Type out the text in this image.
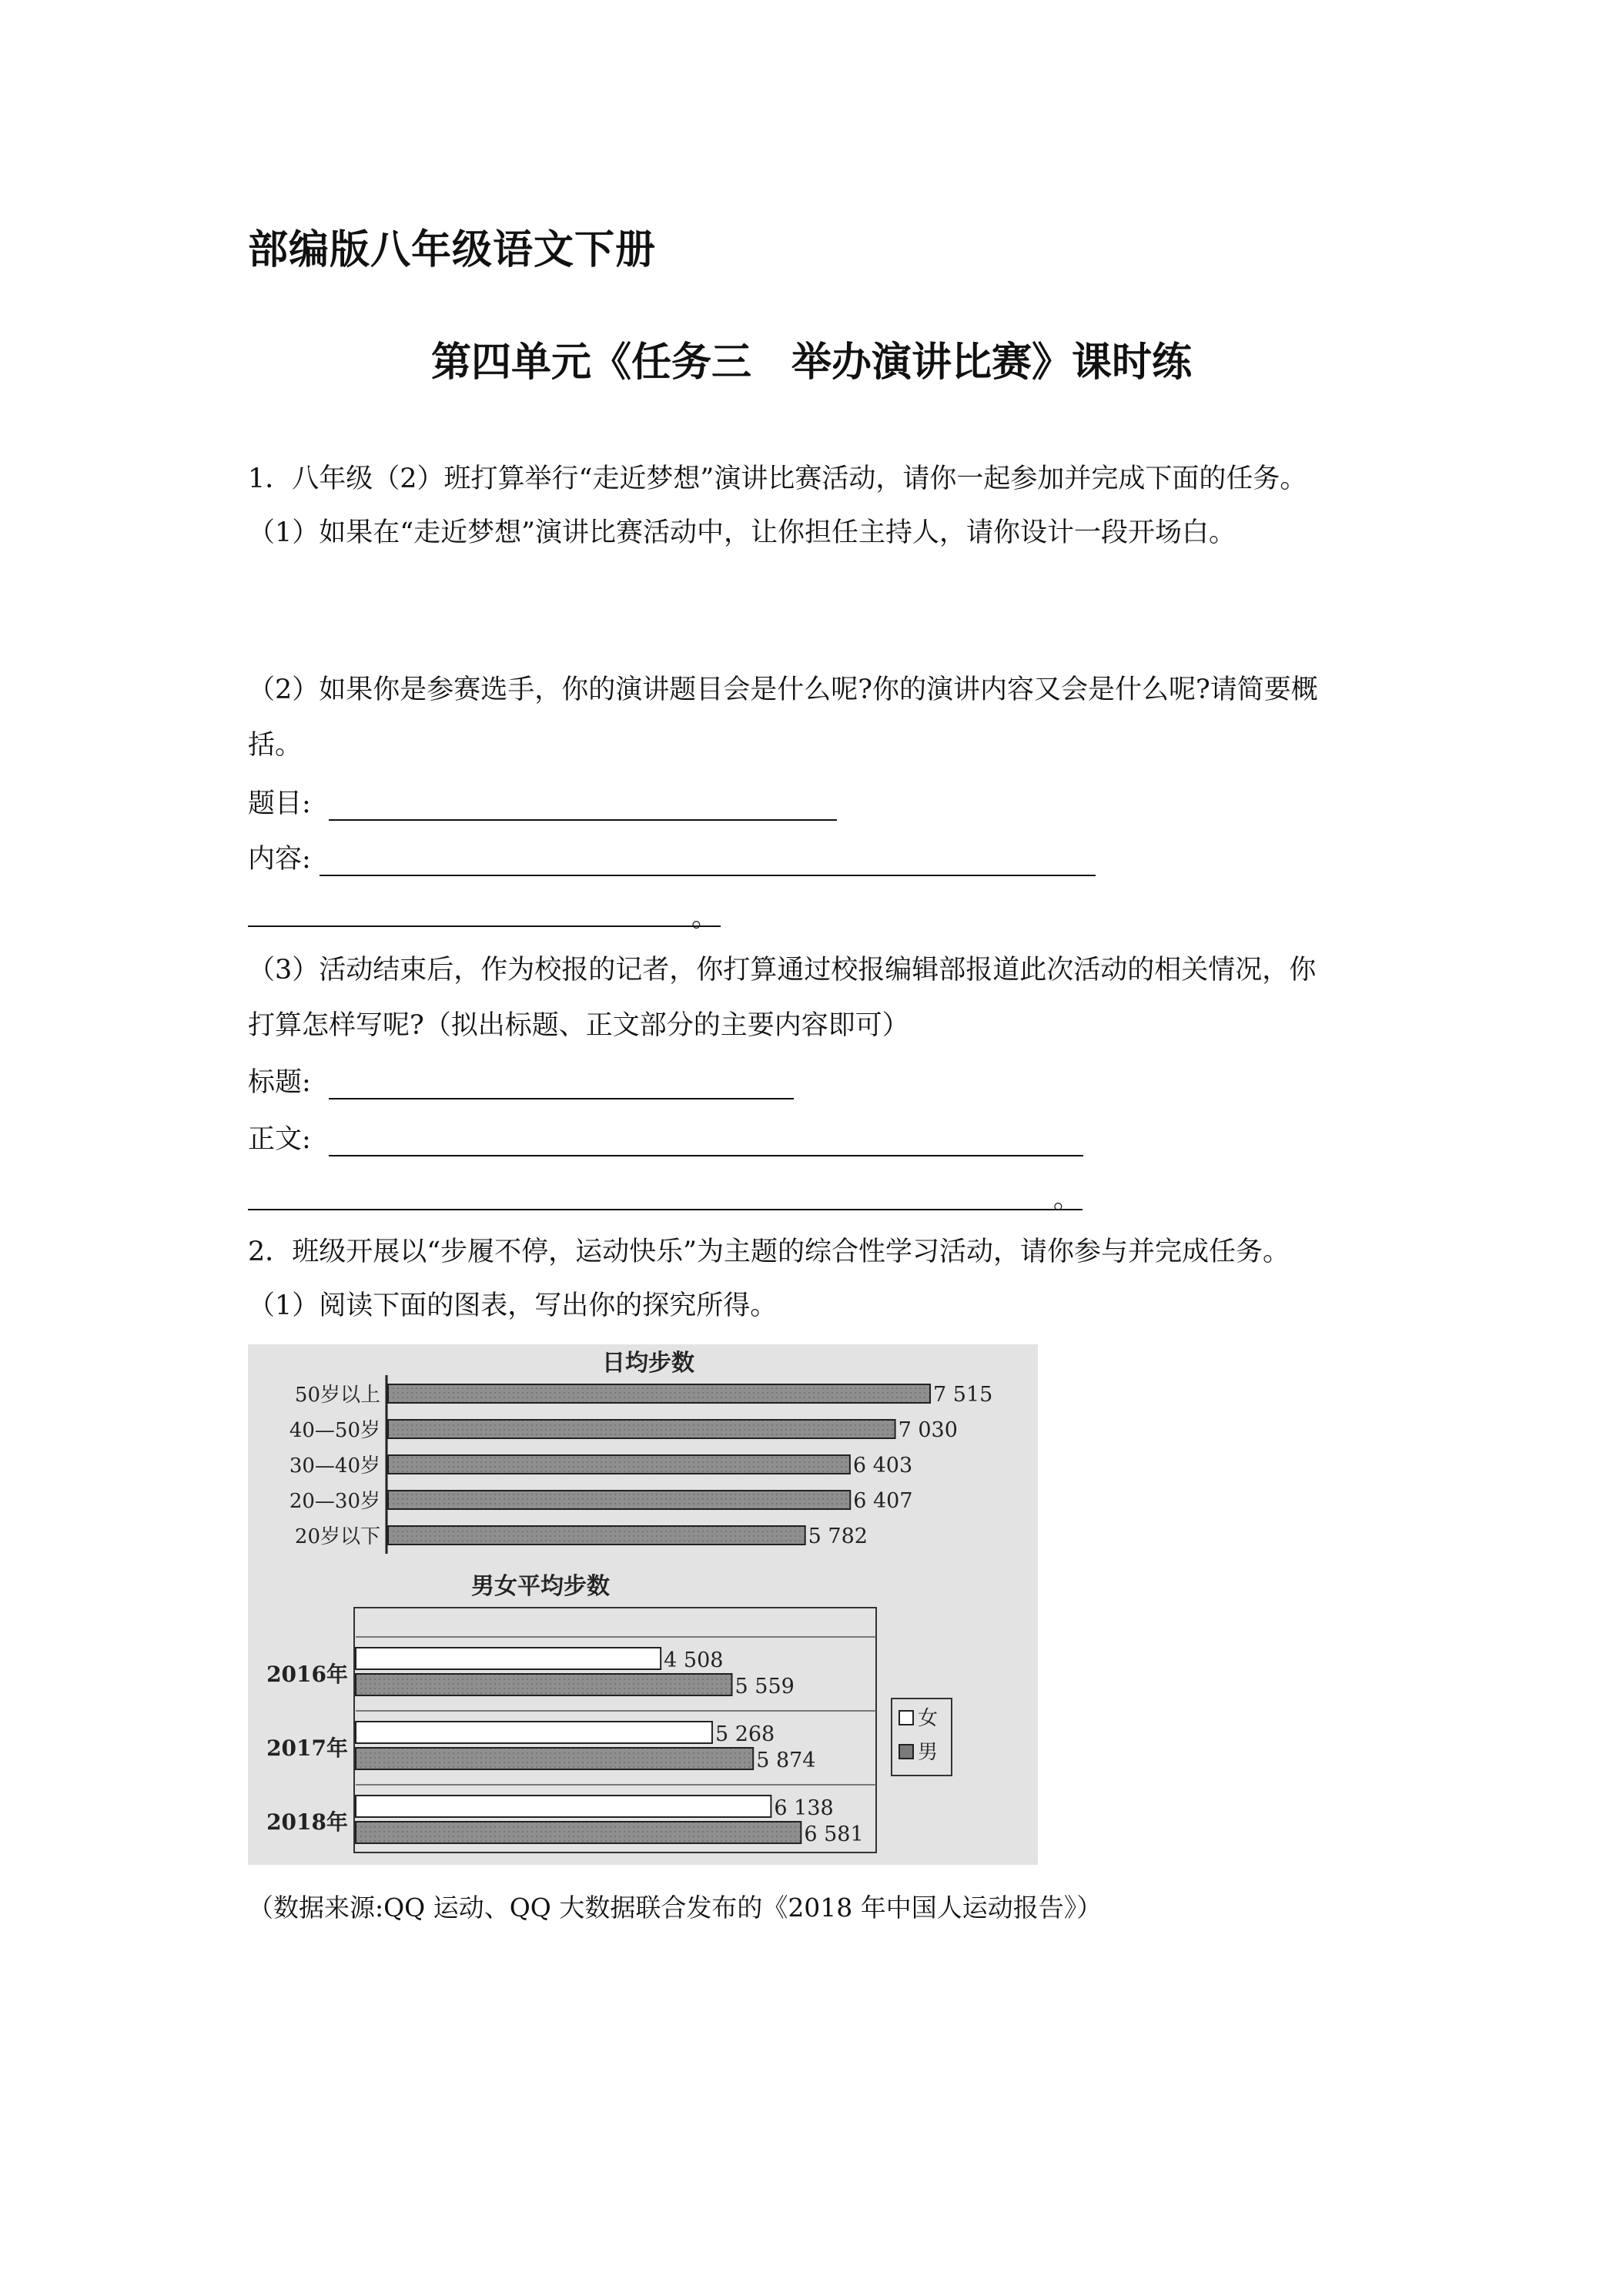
部编版八年级语文下册
第四单元《任务三　举办演讲比赛》课时练
1．八年级（2）班打算举行“走近梦想”演讲比赛活动，请你一起参加并完成下面的任务。
（1）如果在“走近梦想”演讲比赛活动中，让你担任主持人，请你设计一段开场白。
（2）如果你是参赛选手，你的演讲题目会是什么呢?你的演讲内容又会是什么呢?请简要概
括。
题目:
内容:
。
（3）活动结束后，作为校报的记者，你打算通过校报编辑部报道此次活动的相关情况，你
打算怎样写呢?（拟出标题、正文部分的主要内容即可）
标题:
正文:
。
2．班级开展以“步履不停，运动快乐”为主题的综合性学习活动，请你参与并完成任务。
（1）阅读下面的图表，写出你的探究所得。
日均步数
50岁以上	7 515
40—50岁	7 030
30—40岁	6 403
20—30岁	6 407
20岁以下	5 782
男女平均步数
2016年
4 508
5 559
2017年
5 268
5 874
2018年
6 138
6 581
女
男
（数据来源:QQ 运动、QQ 大数据联合发布的《2018 年中国人运动报告》）
